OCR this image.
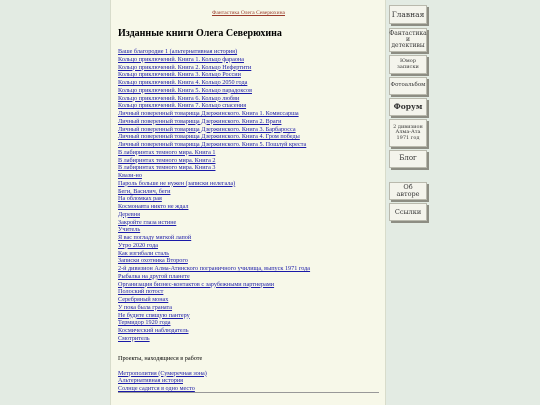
Фантастика Олега Северюхина
Изданные книги Олега Северюхина
Ваше благородие 1 (альтернативная история)
Кольцо приключений. Книга 1. Кольцо фараона
Кольцо приключений. Книга 2. Кольцо Нефертити
Кольцо приключений. Книга 3. Кольцо России
Кольцо приключений. Книга 4. Кольцо 2050 года
Кольцо приключений. Книга 5. Кольцо парадоксов
Кольцо приключений. Книга 6. Кольцо любви
Кольцо приключений. Книга 7. Кольцо спасения
Личный поверенный товарища Дзержинского. Книга 1. Комиссарша
Личный поверенный товарища Дзержинского. Книга 2. Враги
Личный поверенный товарища Дзержинского. Книга 3. Барбаросса
Личный поверенный товарища Дзержинского. Книга 4. Гром победы
Личный поверенный товарища Дзержинского. Книга 5. Пошлуй креста
В лабиринтах темного мира. Книга 1
В лабиринтах темного мира. Книга 2
В лабиринтах темного мира. Книга 3
Квази-но
Пароль больше не нужен (записки нелегала)
Беги, Василич, беги
На обломках рая
Космонавта никто не ждал
Деревня
Закройте глаза истине
Учитель
Я вас погладу мягкой лапой
Утро 2020 года
Как изгибали сталь
Записки охотника Второго
2-й дивизион Алма-Атинского пограничного училища, выпуск 1971 года
Рыбалка на другой планете
Организация бизнес-контактов с зарубежными партнерами
Полоский потост
Серебряный монах
У пока была граната
Не будите спящую пантеру
Термидор 1920 года
Космический наблюдатель
Смотритель
Проекты, находящиеся в работе
Метрополития (Сумеречная зона)
Альтернативная история
Солнце садится в одно место
Главная
Фантастика и детективы
Юмор записки
Фотоальбом
Форум
2 дивизион Алма-Ата 1971 год
Блог
Об авторе
Ссылки
